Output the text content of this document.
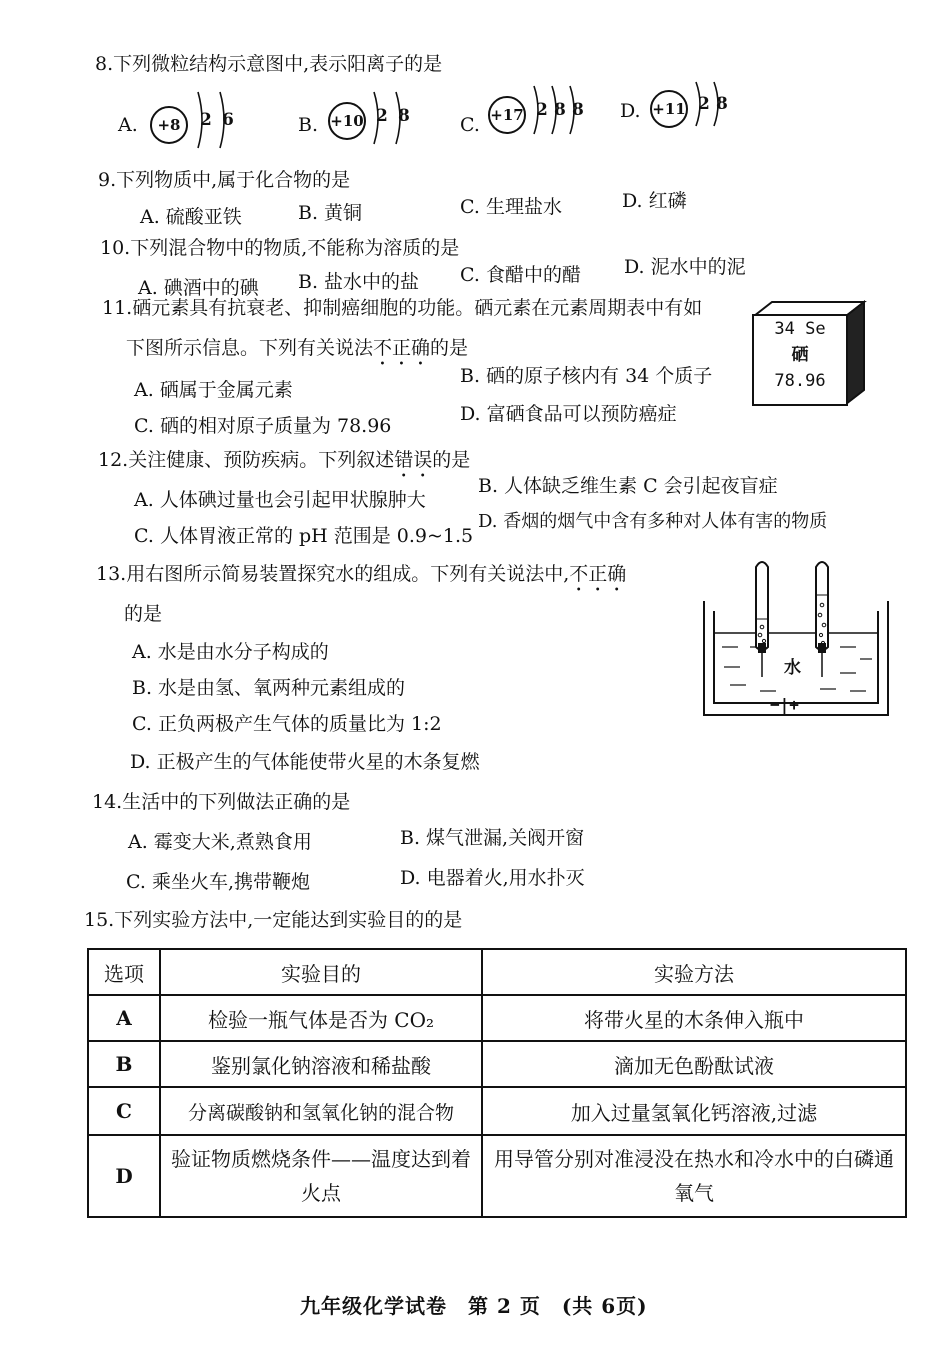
8.下列微粒结构示意图中,表示阳离子的是
A.	+8	2 6	B. +10 2 8	C. +17 2 8 8 D. +11 2 8
9.下列物质中,属于化合物的是
A. 硫酸亚铁	B. 黄铜	C. 生理盐水	D. 红磷
10.下列混合物中的物质,不能称为溶质的是
A. 碘酒中的碘 B. 盐水中的盐 C. 食醋中的醋 D. 泥水中的泥
11.硒元素具有抗衰老、抑制癌细胞的功能。硒元素在元素周期表中有如
下图所示信息。下列有关说法不正确的是
A. 硒属于金属元素
B. 硒的原子核内有 34 个质子
C. 硒的相对原子质量为 78.96
D. 富硒食品可以预防癌症
34 Se
硒
78.96
12.关注健康、预防疾病。下列叙述错误的是
A. 人体碘过量也会引起甲状腺肿大
B. 人体缺乏维生素 C 会引起夜盲症
C. 人体胃液正常的 pH 范围是 0.9~1.5
D. 香烟的烟气中含有多种对人体有害的物质
13.用右图所示简易装置探究水的组成。下列有关说法中,不正确
的是
A. 水是由水分子构成的
B. 水是由氢、氧两种元素组成的
C. 正负两极产生气体的质量比为 1:2
D. 正极产生的气体能使带火星的木条复燃
水
−|+
14.生活中的下列做法正确的是
A. 霉变大米,煮熟食用	B. 煤气泄漏,关阀开窗
C. 乘坐火车,携带鞭炮	D. 电器着火,用水扑灭
15.下列实验方法中,一定能达到实验目的的是
选项	实验目的	实验方法
A	检验一瓶气体是否为 CO₂	将带火星的木条伸入瓶中
B	鉴别氯化钠溶液和稀盐酸	滴加无色酚酞试液
C	分离碳酸钠和氢氧化钠的混合物	加入过量氢氧化钙溶液,过滤
D	验证物质燃烧条件——温度达到着火点	用导管分别对准浸没在热水和冷水中的白磷通氧气
九年级化学试卷　第 2 页　(共 6页)
